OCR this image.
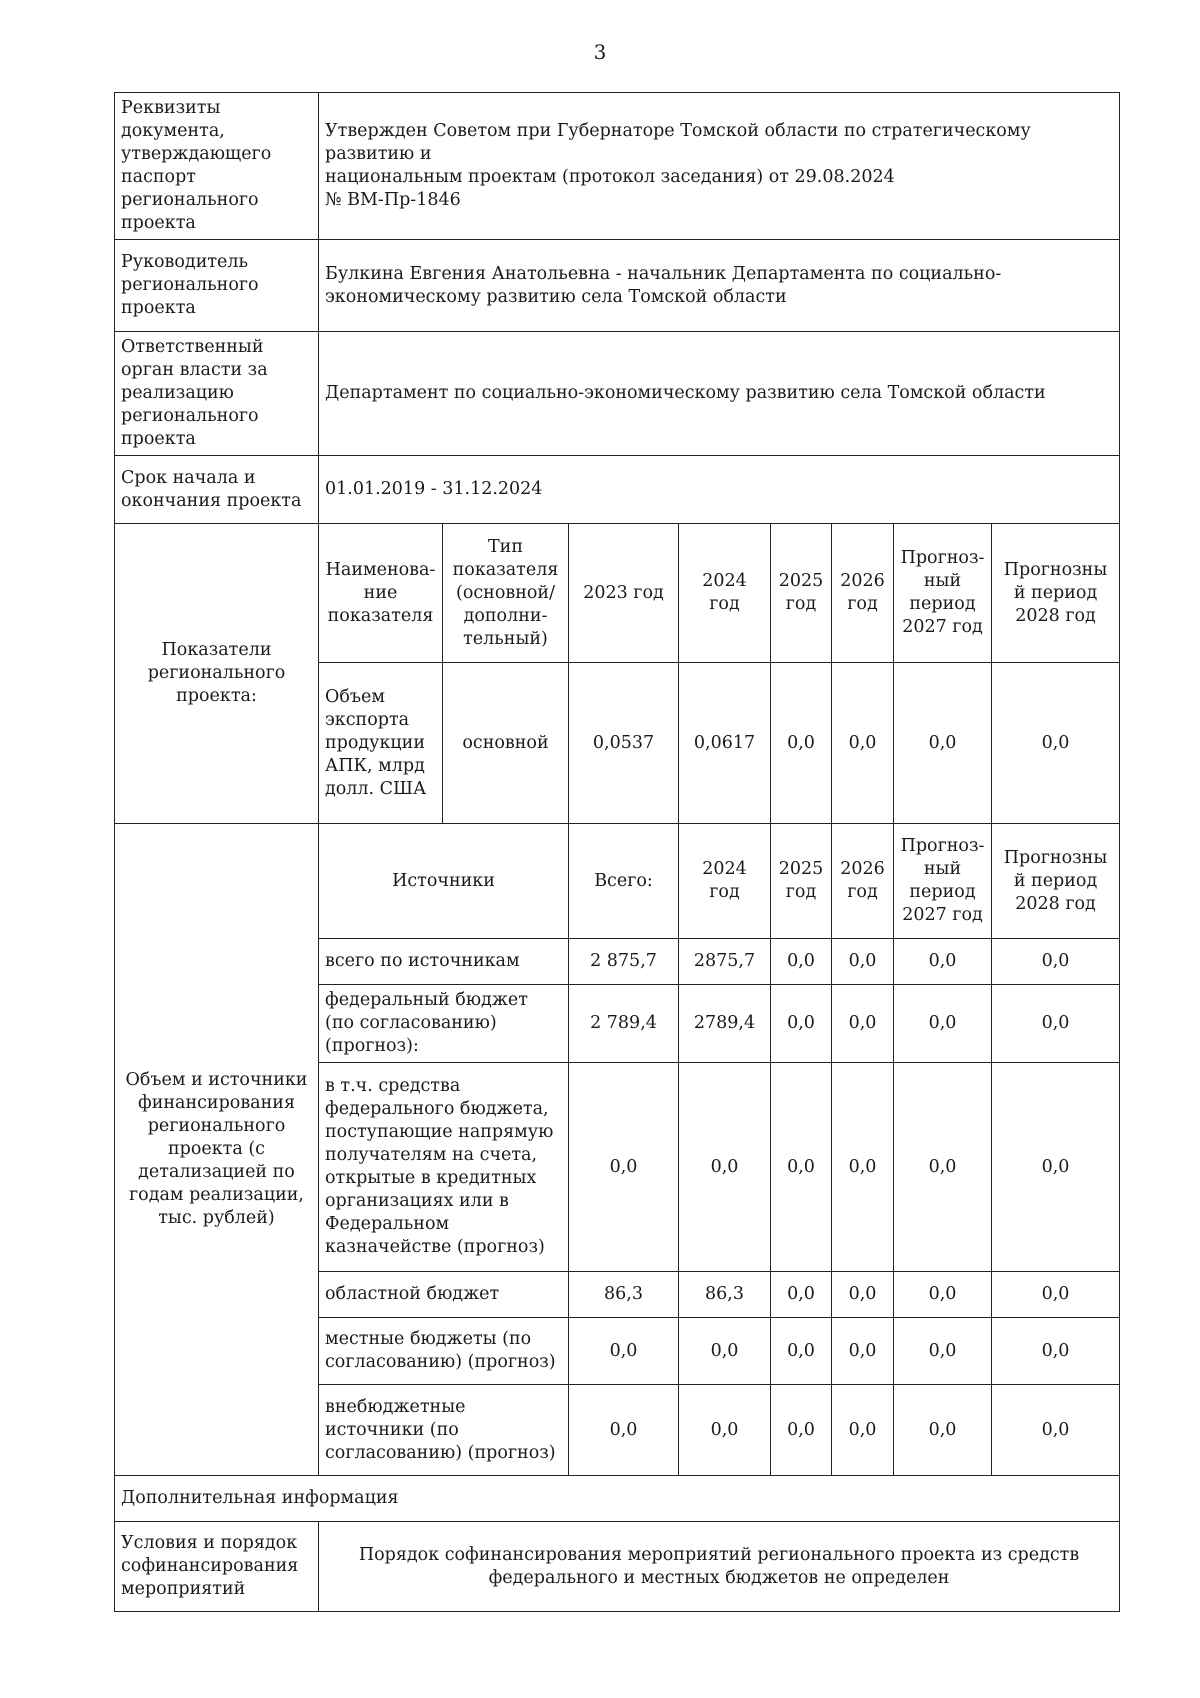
3
Реквизиты документа, утверждающего паспорт регионального проекта	Утвержден Советом при Губернаторе Томской области по стратегическому развитию и
национальным проектам (протокол заседания) от 29.08.2024
№ ВМ-Пр-1846							

Руководитель регионального проекта	Булкина Евгения Анатольевна - начальник Департамента по социально-экономическому развитию села Томской области							
Ответственный орган власти за реализацию регионального проекта	Департамент по социально-экономическому развитию села Томской области							
Срок начала и окончания проекта	01.01.2019 - 31.12.2024							
Показатели регионального проекта:	Наименова-ние показателя	Тип показателя (основной/ дополни-тельный)	2023 год	2024 год	2025 год	2026 год	Прогноз-ный период 2027 год	Прогнозный период 2028 год
	Объем экспорта продукции АПК, млрд долл. США	основной	0,0537	0,0617	0,0	0,0	0,0	0,0
Объем и источники финансирования регионального проекта (с детализацией по годам реализации, тыс. рублей)	Источники		Всего:	2024 год	2025 год	2026 год	Прогноз-ный период 2027 год	Прогнозный период 2028 год
	всего по источникам		2 875,7	2875,7	0,0	0,0	0,0	0,0
	федеральный бюджет (по согласованию) (прогноз):		2 789,4	2789,4	0,0	0,0	0,0	0,0
	в т.ч. средства федерального бюджета, поступающие напрямую получателям на счета, открытые в кредитных организациях или в Федеральном казначействе (прогноз)		0,0	0,0	0,0	0,0	0,0	0,0
	областной бюджет		86,3	86,3	0,0	0,0	0,0	0,0
	местные бюджеты (по согласованию) (прогноз)		0,0	0,0	0,0	0,0	0,0	0,0
	внебюджетные источники (по согласованию) (прогноз)		0,0	0,0	0,0	0,0	0,0	0,0
Дополнительная информация								
Условия и порядок софинансирования мероприятий	Порядок софинансирования мероприятий регионального проекта из средств федерального и местных бюджетов не определен							
